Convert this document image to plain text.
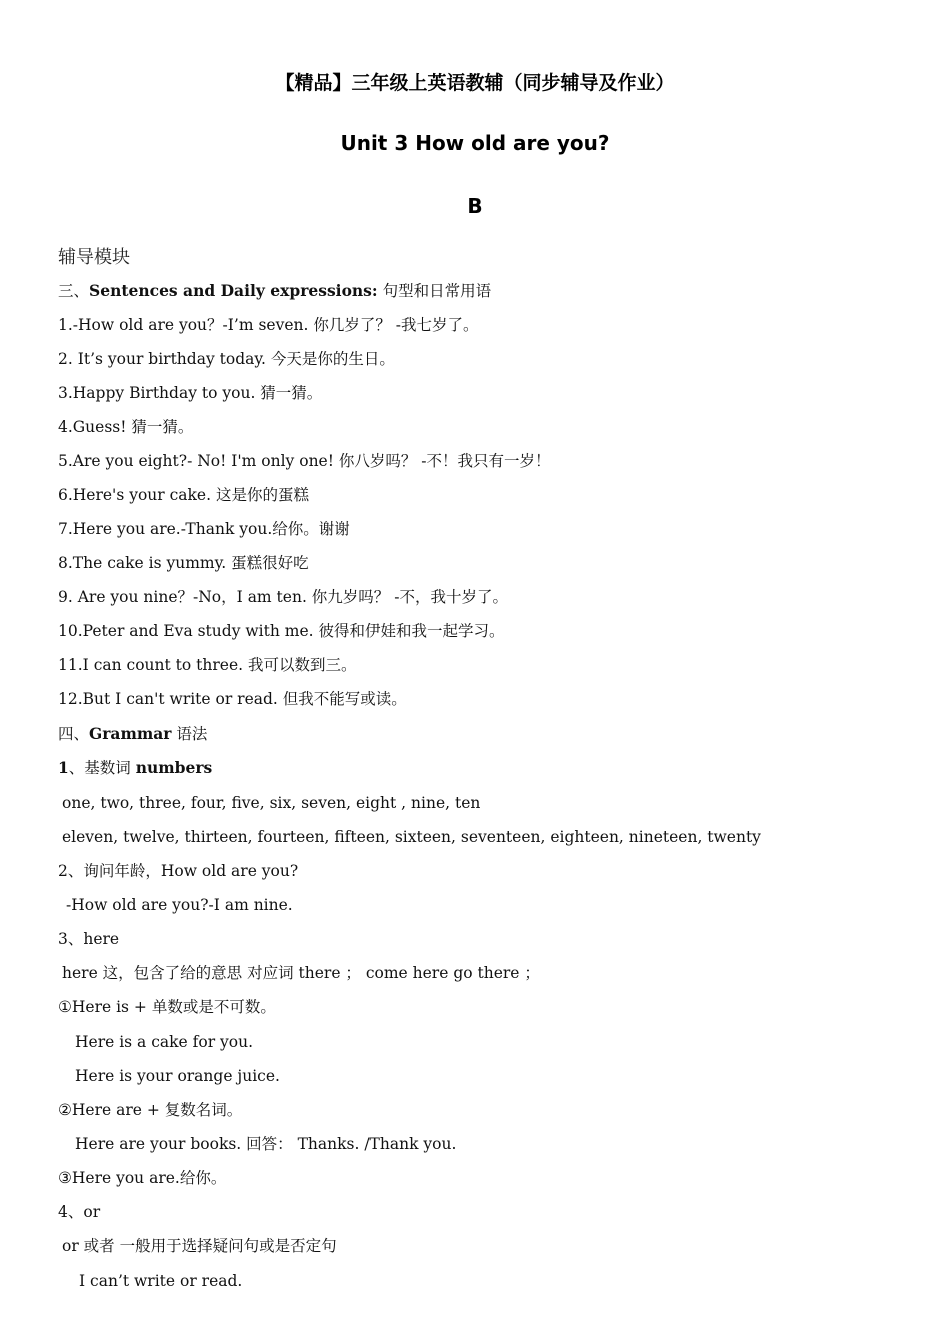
【精品】三年级上英语教辅（同步辅导及作业）
Unit 3 How old are you?
B
辅导模块
三、Sentences and Daily expressions: 句型和日常用语
1.-How old are you？-I’m seven. 你几岁了？ -我七岁了。
2. It’s your birthday today. 今天是你的生日。
3.Happy Birthday to you. 猜一猜。
4.Guess! 猜一猜。
5.Are you eight?- No! I'm only one! 你八岁吗？ -不！我只有一岁！
6.Here's your cake. 这是你的蛋糕
7.Here you are.-Thank you.给你。谢谢
8.The cake is yummy. 蛋糕很好吃
9. Are you nine？-No，I am ten. 你九岁吗？ -不，我十岁了。
10.Peter and Eva study with me. 彼得和伊娃和我一起学习。
11.I can count to three. 我可以数到三。
12.But I can't write or read. 但我不能写或读。
四、Grammar 语法
1、基数词 numbers
one, two, three, four, five, six, seven, eight , nine, ten
eleven, twelve, thirteen, fourteen, fifteen, sixteen, seventeen, eighteen, nineteen, twenty
2、询问年龄，How old are you?
-How old are you?-I am nine.
3、here
here 这，包含了给的意思 对应词 there ； come here go there ；
①Here is + 单数或是不可数。
Here is a cake for you.
Here is your orange juice.
②Here are + 复数名词。
Here are your books. 回答： Thanks. /Thank you.
③Here you are.给你。
4、or
or 或者 一般用于选择疑问句或是否定句
I can’t write or read.
